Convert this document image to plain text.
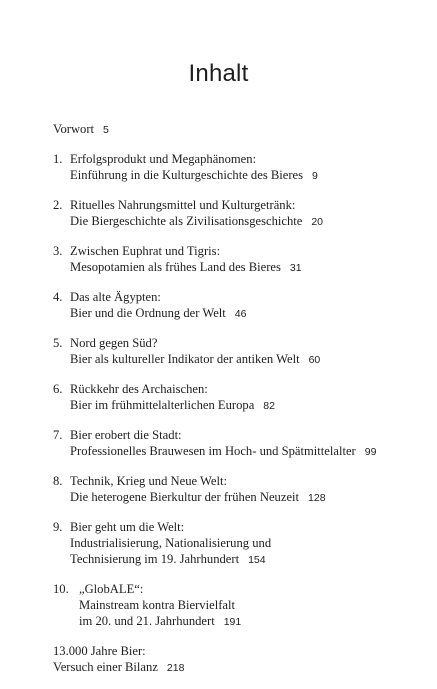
Inhalt
Vorwort 5
1. Erfolgsprodukt und Megaphänomen:
Einführung in die Kulturgeschichte des Bieres 9
2. Rituelles Nahrungsmittel und Kulturgetränk:
Die Biergeschichte als Zivilisationsgeschichte 20
3. Zwischen Euphrat und Tigris:
Mesopotamien als frühes Land des Bieres 31
4. Das alte Ägypten:
Bier und die Ordnung der Welt 46
5. Nord gegen Süd?
Bier als kultureller Indikator der antiken Welt 60
6. Rückkehr des Archaischen:
Bier im frühmittelalterlichen Europa 82
7. Bier erobert die Stadt:
Professionelles Brauwesen im Hoch- und Spätmittelalter 99
8. Technik, Krieg und Neue Welt:
Die heterogene Bierkultur der frühen Neuzeit 128
9. Bier geht um die Welt:
Industrialisierung, Nationalisierung und
Technisierung im 19. Jahrhundert 154
10. „GlobALE“:
Mainstream kontra Biervielfalt
im 20. und 21. Jahrhundert 191
13.000 Jahre Bier:
Versuch einer Bilanz 218
